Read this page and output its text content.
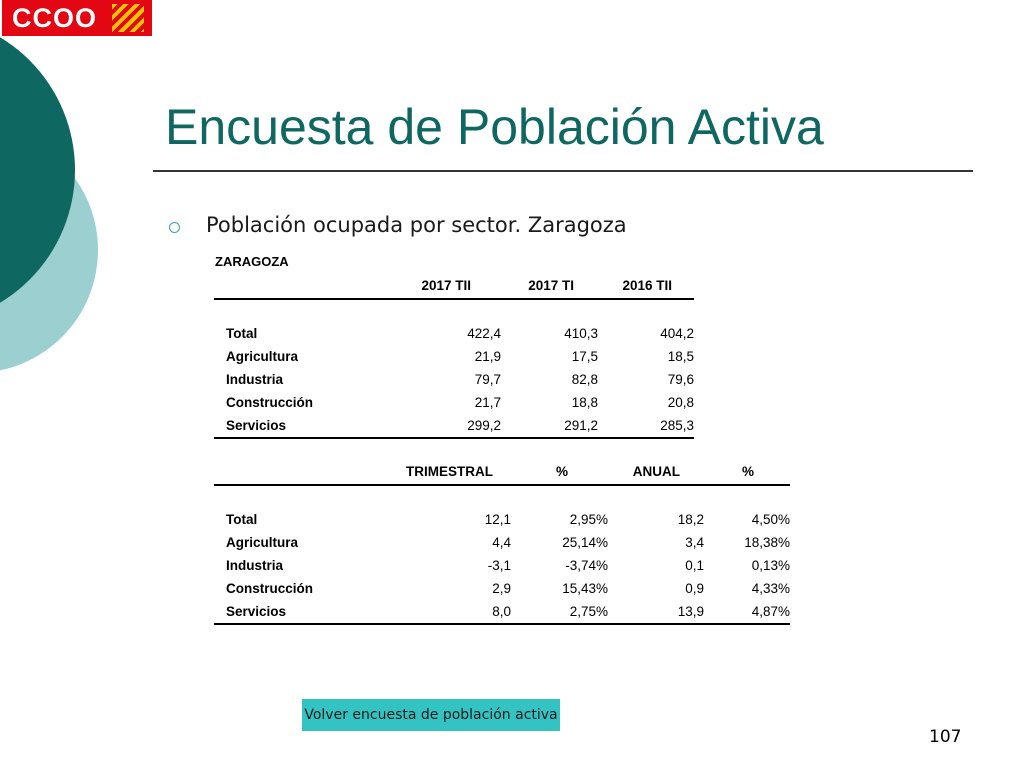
CCOO
Encuesta de Población Activa
Población ocupada por sector. Zaragoza
ZARAGOZA
	2017 TII	2017 TI	2016 TII

Total	422,4	410,3	404,2
Agricultura	21,9	17,5	18,5
Industria	79,7	82,8	79,6
Construcción	21,7	18,8	20,8
Servicios	299,2	291,2	285,3
	TRIMESTRAL	%	ANUAL	%

Total	12,1	2,95%	18,2	4,50%
Agricultura	4,4	25,14%	3,4	18,38%
Industria	-3,1	-3,74%	0,1	0,13%
Construcción	2,9	15,43%	0,9	4,33%
Servicios	8,0	2,75%	13,9	4,87%
Volver encuesta de población activa
107
